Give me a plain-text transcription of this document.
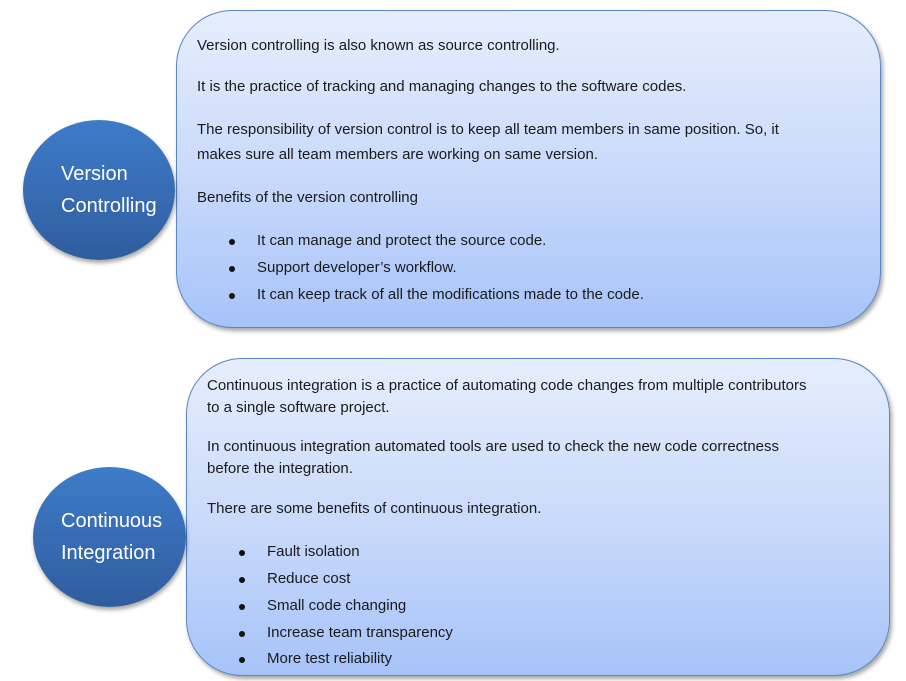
Version controlling is also known as source controlling.
It is the practice of tracking and managing changes to the software codes.
The responsibility of version control is to keep all team members in same position. So, it
makes sure all team members are working on same version.
Benefits of the version controlling
It can manage and protect the source code.
Support developer’s workflow.
It can keep track of all the modifications made to the code.
Version
Controlling
Continuous integration is a practice of automating code changes from multiple contributors
to a single software project.
In continuous integration automated tools are used to check the new code correctness
before the integration.
There are some benefits of continuous integration.
Fault isolation
Reduce cost
Small code changing
Increase team transparency
More test reliability
Continuous
Integration
